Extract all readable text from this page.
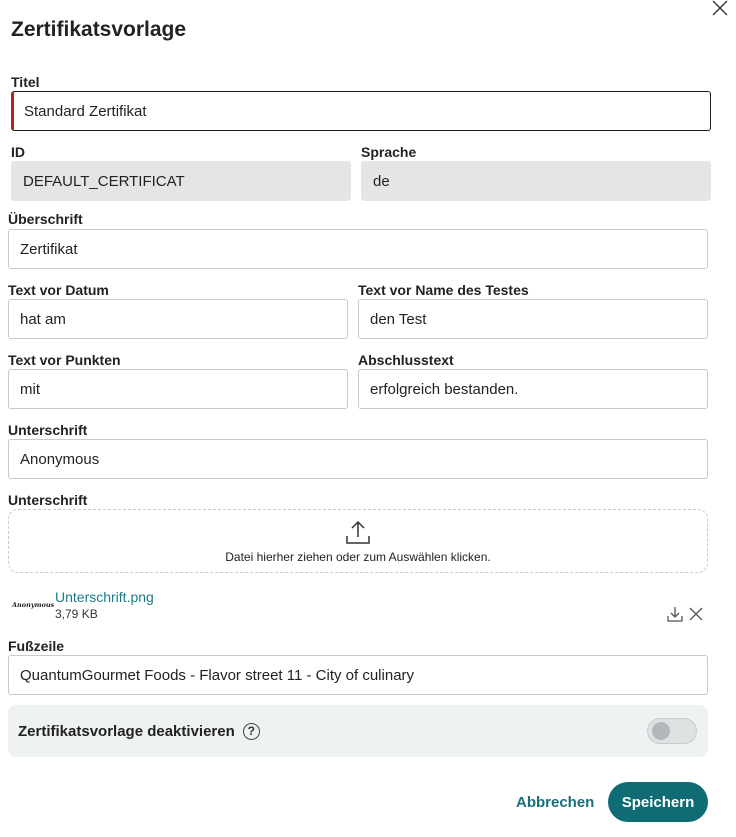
Zertifikatsvorlage
Titel
Standard Zertifikat
ID
DEFAULT_CERTIFICAT
Sprache
de
Überschrift
Zertifikat
Text vor Datum
hat am
Text vor Name des Testes
den Test
Text vor Punkten
mit
Abschlusstext
erfolgreich bestanden.
Unterschrift
Anonymous
Unterschrift
Datei hierher ziehen oder zum Auswählen klicken.
Anonymous Unterschrift.png
3,79 KB
Fußzeile
QuantumGourmet Foods - Flavor street 11 - City of culinary
Zertifikatsvorlage deaktivieren	?
Abbrechen	Speichern
